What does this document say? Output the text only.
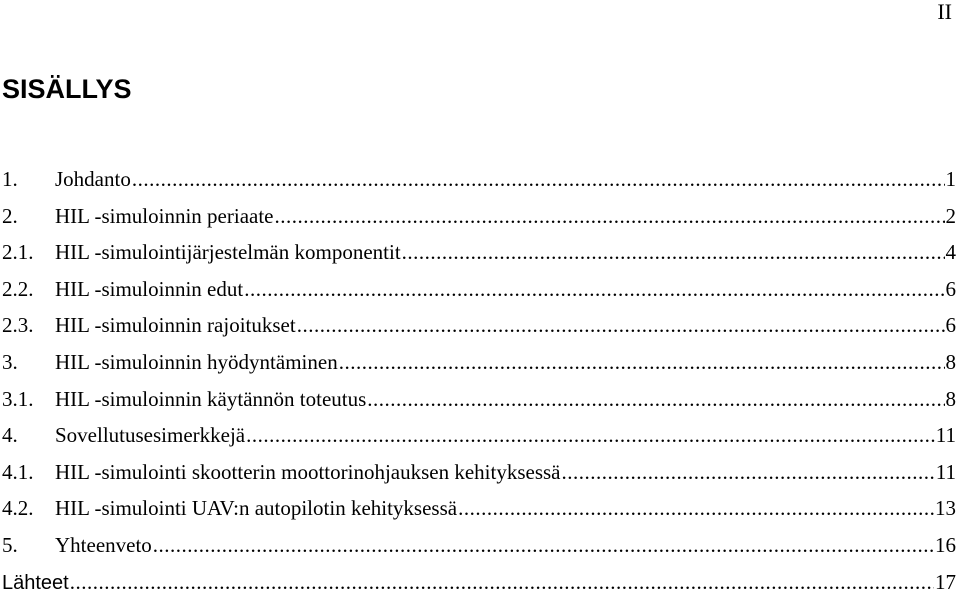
II
SISÄLLYS
1.	Johdanto .....	1
2.	HIL -simuloinnin periaate .....	2
2.1.	HIL -simulointijärjestelmän komponentit .....	4
2.2.	HIL -simuloinnin edut .....	6
2.3.	HIL -simuloinnin rajoitukset .....	6
3.	HIL -simuloinnin hyödyntäminen .....	8
3.1.	HIL -simuloinnin käytännön toteutus .....	8
4.	Sovellutusesimerkkejä .....	11
4.1.	HIL -simulointi skootterin moottorinohjauksen kehityksessä .....	11
4.2.	HIL -simulointi UAV:n autopilotin kehityksessä .....	13
5.	Yhteenveto .....	16
Lähteet .....	17
